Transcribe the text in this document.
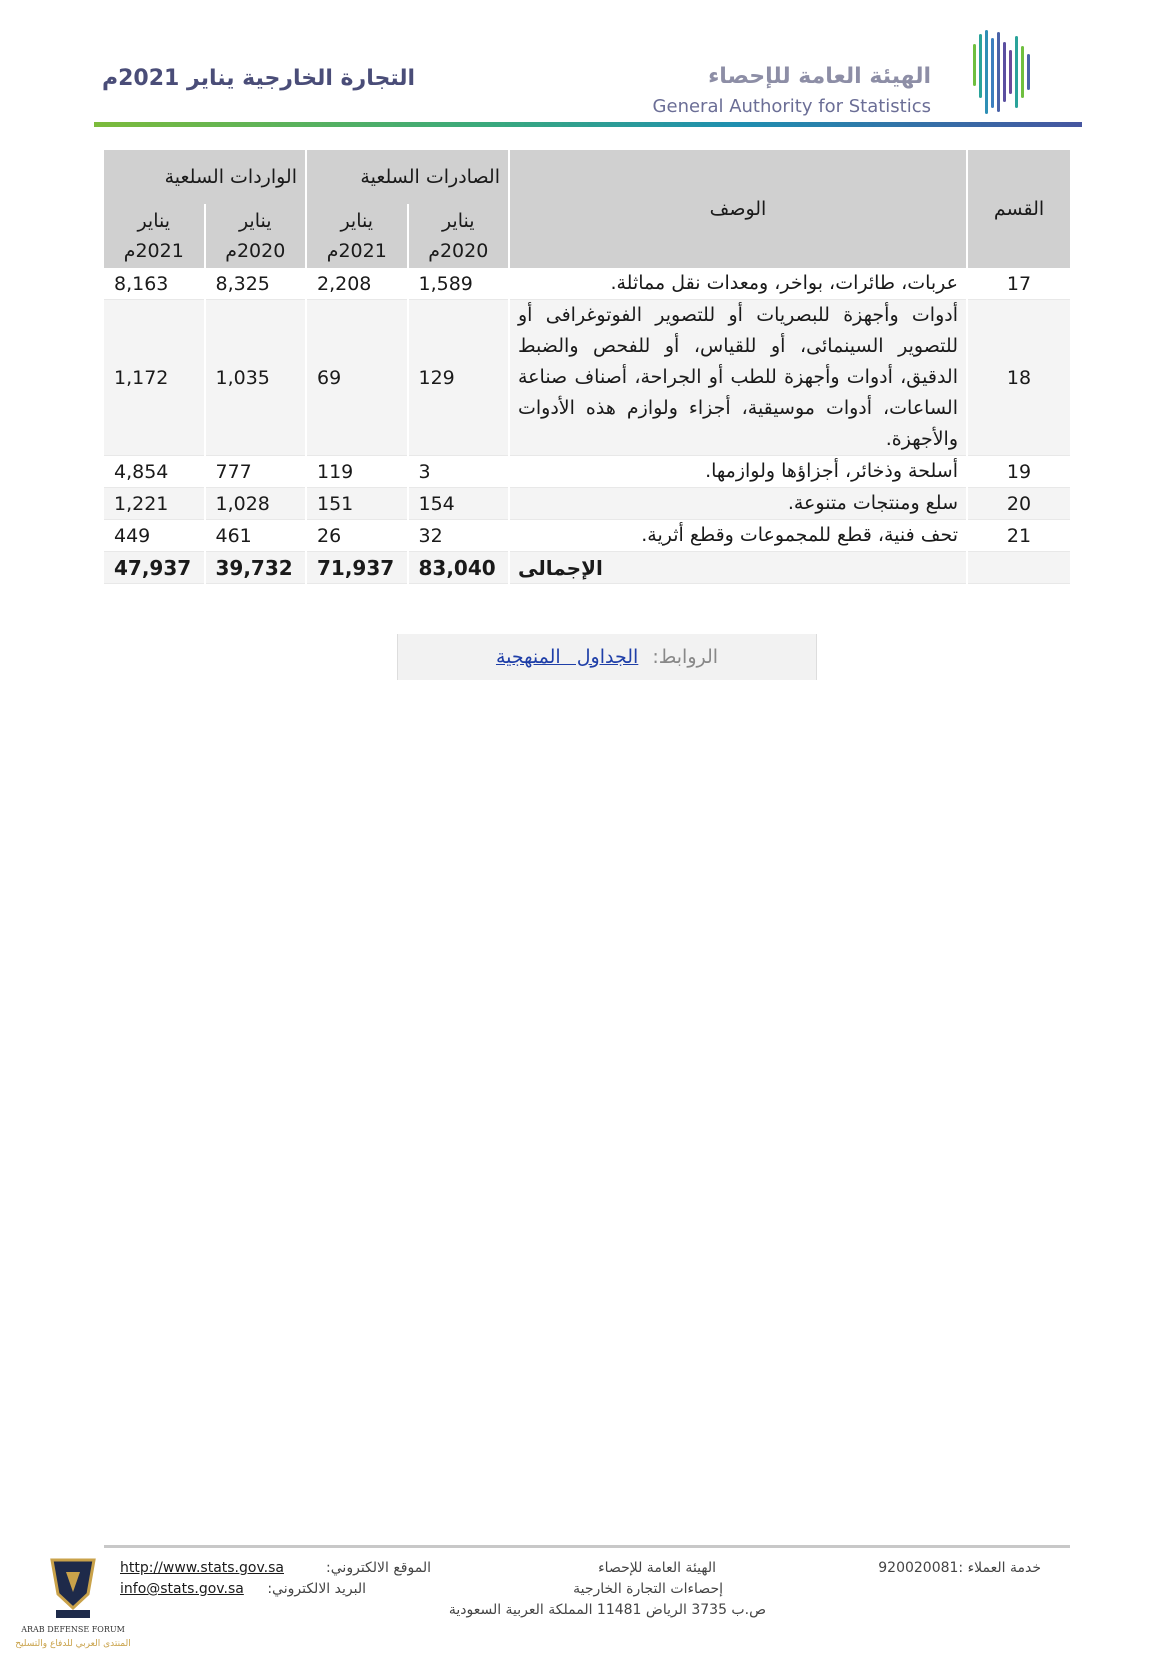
الهيئة العامة للإحصاء
General Authority for Statistics
التجارة الخارجية يناير 2021م
القسم	الوصف	الصادرات السلعية		الواردات السلعية	
		يناير 2020م	يناير 2021م	يناير 2020م	يناير 2021م
17	عربات، طائرات، بواخر، ومعدات نقل مماثلة.	1,589	2,208	8,325	8,163
18	أدوات وأجهزة للبصريات أو للتصوير الفوتوغرافى أو للتصوير السينمائى، أو للقياس، أو للفحص والضبط الدقيق، أدوات وأجهزة للطب أو الجراحة، أصناف صناعة الساعات، أدوات موسيقية، أجزاء ولوازم هذه الأدوات والأجهزة.	129	69	1,035	1,172
19	أسلحة وذخائر، أجزاؤها ولوازمها.	3	119	777	4,854
20	سلع ومنتجات متنوعة.	154	151	1,028	1,221
21	تحف فنية، قطع للمجموعات وقطع أثرية.	32	26	461	449
	الإجمالى	83,040	71,937	39,732	47,937
الروابط:
الجداول المنهجية
خدمة العملاء :920020081
الهيئة العامة للإحصاء
إحصاءات التجارة الخارجية
ص.ب 3735 الرياض 11481 المملكة العربية السعودية
الموقع الالكتروني:
http://www.stats.gov.sa
البريد الالكتروني:
info@stats.gov.sa
ARAB DEFENSE FORUM
المنتدى العربي للدفاع والتسليح
